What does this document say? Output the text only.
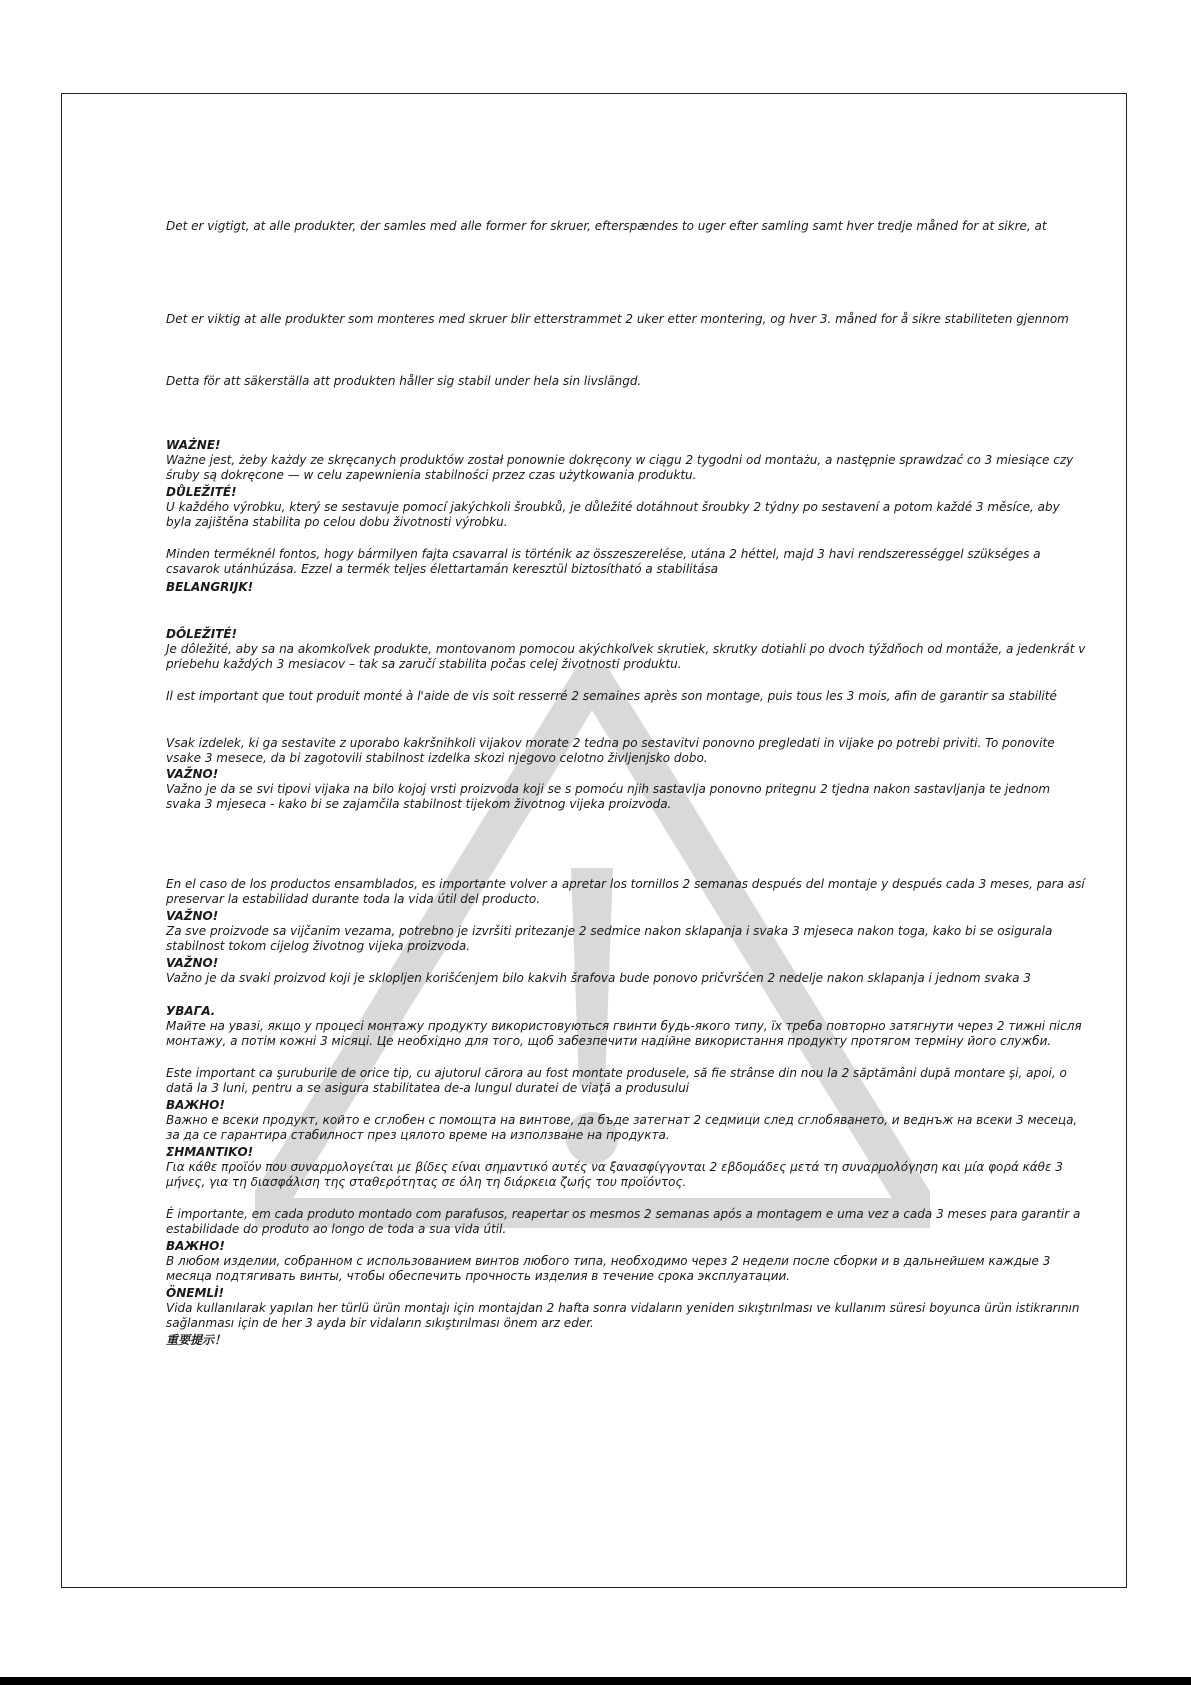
Det er vigtigt, at alle produkter, der samles med alle former for skruer, efterspændes to uger efter samling samt hver tredje måned for at sikre, at

Det er viktig at alle produkter som monteres med skruer blir etterstrammet 2 uker etter montering, og hver 3. måned for å sikre stabiliteten gjennom

Detta för att säkerställa att produkten håller sig stabil under hela sin livslängd.

WAŻNE!

Ważne jest, żeby każdy ze skręcanych produktów został ponownie dokręcony w ciągu 2 tygodni od montażu, a następnie sprawdzać co 3 miesiące czy śruby są dokręcone — w celu zapewnienia stabilności przez czas użytkowania produktu.

DŮLEŽITÉ!

U každého výrobku, který se sestavuje pomocí jakýchkoli šroubků, je důležité dotáhnout šroubky 2 týdny po sestavení a potom každé 3 měsíce, aby byla zajištěna stabilita po celou dobu životnosti výrobku.

Minden terméknél fontos, hogy bármilyen fajta csavarral is történik az összeszerelése, utána 2 héttel, majd 3 havi rendszerességgel szükséges a csavarok utánhúzása. Ezzel a termék teljes élettartamán keresztül biztosítható a stabilitása

BELANGRIJK!

DÔLEŽITÉ!

Je dôležité, aby sa na akomkoľvek produkte, montovanom pomocou akýchkoľvek skrutiek, skrutky dotiahli po dvoch týždňoch od montáže, a jedenkrát v priebehu každých 3 mesiacov – tak sa zaručí stabilita počas celej životnosti produktu.

Il est important que tout produit monté à l'aide de vis soit resserré 2 semaines après son montage, puis tous les 3 mois, afin de garantir sa stabilité

Vsak izdelek, ki ga sestavite z uporabo kakršnihkoli vijakov morate 2 tedna po sestavitvi ponovno pregledati in vijake po potrebi priviti. To ponovite vsake 3 mesece, da bi zagotovili stabilnost izdelka skozi njegovo celotno življenjsko dobo.

VAŽNO!

Važno je da se svi tipovi vijaka na bilo kojoj vrsti proizvoda koji se s pomoću njih sastavlja ponovno pritegnu 2 tjedna nakon sastavljanja te jednom svaka 3 mjeseca - kako bi se zajamčila stabilnost tijekom životnog vijeka proizvoda.

En el caso de los productos ensamblados, es importante volver a apretar los tornillos 2 semanas después del montaje y después cada 3 meses, para así preservar la estabilidad durante toda la vida útil del producto.

VAŽNO!

Za sve proizvode sa vijčanim vezama, potrebno je izvršiti pritezanje 2 sedmice nakon sklapanja i svaka 3 mjeseca nakon toga, kako bi se osigurala stabilnost tokom cijelog životnog vijeka proizvoda.

VAŽNO!

Važno je da svaki proizvod koji je sklopljen korišćenjem bilo kakvih šrafova bude ponovo pričvršćen 2 nedelje nakon sklapanja i jednom svaka 3

УВАГА.

Майте на увазі, якщо у процесі монтажу продукту використовуються гвинти будь-якого типу, їх треба повторно затягнути через 2 тижні після монтажу, а потім кожні 3 місяці. Це необхідно для того, щоб забезпечити надійне використання продукту протягом терміну його служби.

Este important ca şuruburile de orice tip, cu ajutorul cărora au fost montate produsele, să fie strânse din nou la 2 săptămâni după montare şi, apoi, o dată la 3 luni, pentru a se asigura stabilitatea de-a lungul duratei de viaţă a produsului

ВАЖНО!

Важно е всеки продукт, който е сглобен с помощта на винтове, да бъде затегнат 2 седмици след сглобяването, и веднъж на всеки 3 месеца, за да се гарантира стабилност през цялото време на използване на продукта.

ΣΗΜΑΝΤΙΚΟ!

Για κάθε προϊόν που συναρμολογείται με βίδες είναι σημαντικό αυτές να ξανασφίγγονται 2 εβδομάδες μετά τη συναρμολόγηση και μία φορά κάθε 3 μήνες, για τη διασφάλιση της σταθερότητας σε όλη τη διάρκεια ζωής του προϊόντος.

É importante, em cada produto montado com parafusos, reapertar os mesmos 2 semanas após a montagem e uma vez a cada 3 meses para garantir a estabilidade do produto ao longo de toda a sua vida útil.

ВАЖНО!

В любом изделии, собранном с использованием винтов любого типа, необходимо через 2 недели после сборки и в дальнейшем каждые 3 месяца подтягивать винты, чтобы обеспечить прочность изделия в течение срока эксплуатации.

ÖNEMLİ!

Vida kullanılarak yapılan her türlü ürün montajı için montajdan 2 hafta sonra vidaların yeniden sıkıştırılması ve kullanım süresi boyunca ürün istikrarının sağlanması için de her 3 ayda bir vidaların sıkıştırılması önem arz eder.

重要提示！
